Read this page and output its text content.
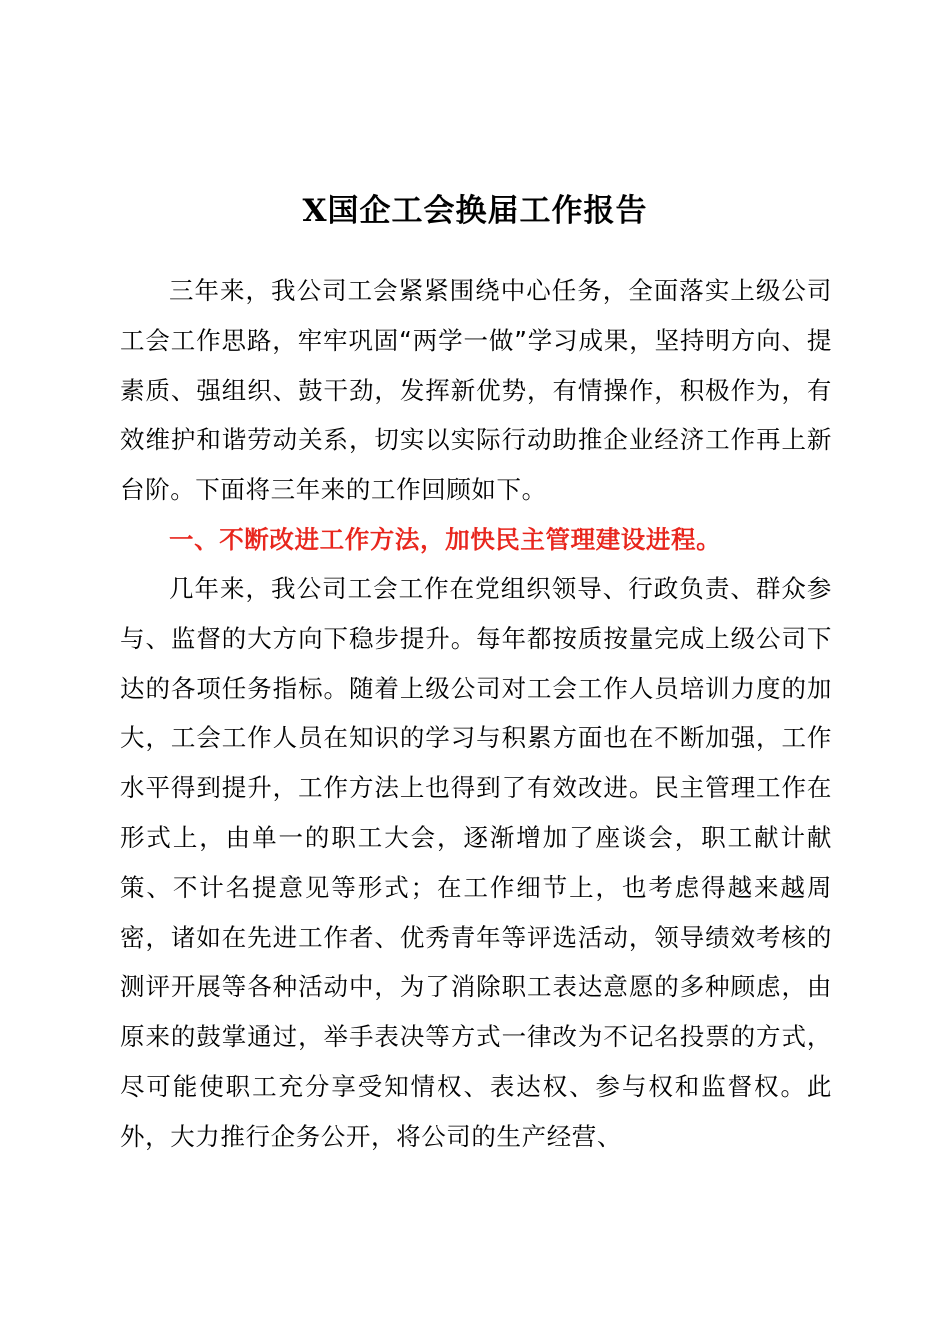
X国企工会换届工作报告

三年来，我公司工会紧紧围绕中心任务，全面落实上级公司工会工作思路，牢牢巩固“两学一做”学习成果，坚持明方向、提素质、强组织、鼓干劲，发挥新优势，有情操作，积极作为，有效维护和谐劳动关系，切实以实际行动助推企业经济工作再上新台阶。下面将三年来的工作回顾如下。

一、不断改进工作方法，加快民主管理建设进程。

几年来，我公司工会工作在党组织领导、行政负责、群众参与、监督的大方向下稳步提升。每年都按质按量完成上级公司下达的各项任务指标。随着上级公司对工会工作人员培训力度的加大，工会工作人员在知识的学习与积累方面也在不断加强，工作水平得到提升，工作方法上也得到了有效改进。民主管理工作在形式上，由单一的职工大会，逐渐增加了座谈会，职工献计献策、不计名提意见等形式；在工作细节上，也考虑得越来越周密，诸如在先进工作者、优秀青年等评选活动，领导绩效考核的测评开展等各种活动中，为了消除职工表达意愿的多种顾虑，由原来的鼓掌通过，举手表决等方式一律改为不记名投票的方式，尽可能使职工充分享受知情权、表达权、参与权和监督权。此外，大力推行企务公开，将公司的生产经营、
